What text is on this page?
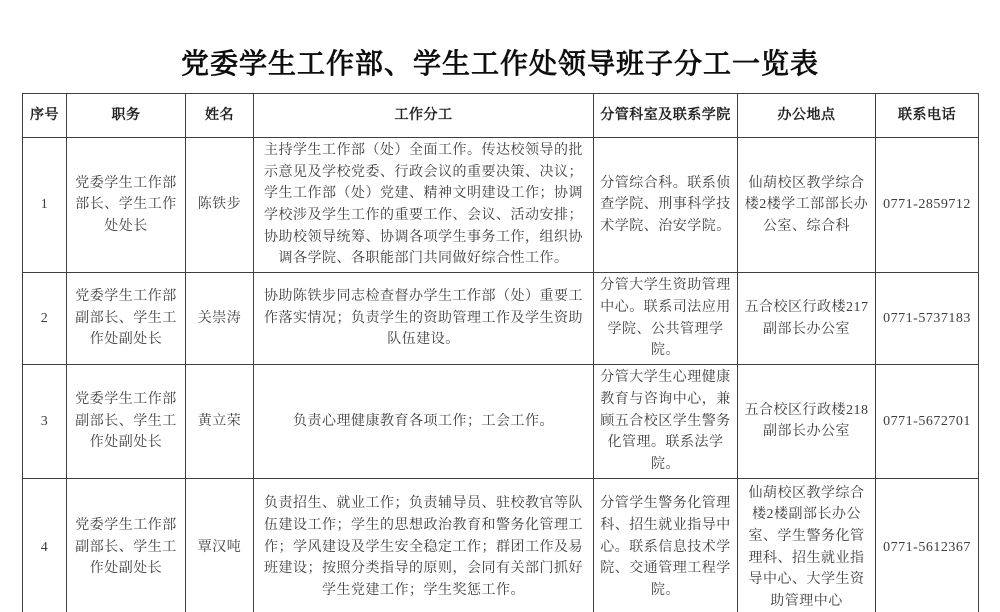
党委学生工作部、学生工作处领导班子分工一览表
序号	职务	姓名	工作分工	分管科室及联系学院	办公地点	联系电话
1	党委学生工作部部长、学生工作处处长	陈铁步	主持学生工作部（处）全面工作。传达校领导的批示意见及学校党委、行政会议的重要决策、决议；学生工作部（处）党建、精神文明建设工作；协调学校涉及学生工作的重要工作、会议、活动安排；协助校领导统筹、协调各项学生事务工作，组织协调各学院、各职能部门共同做好综合性工作。	分管综合科。联系侦查学院、刑事科学技术学院、治安学院。	仙葫校区教学综合楼2楼学工部部长办公室、综合科	0771-2859712
2	党委学生工作部副部长、学生工作处副处长	关崇涛	协助陈铁步同志检查督办学生工作部（处）重要工作落实情况；负责学生的资助管理工作及学生资助队伍建设。	分管大学生资助管理中心。联系司法应用学院、公共管理学院。	五合校区行政楼217副部长办公室	0771-5737183
3	党委学生工作部副部长、学生工作处副处长	黄立荣	负责心理健康教育各项工作；工会工作。	分管大学生心理健康教育与咨询中心，兼顾五合校区学生警务化管理。联系法学院。	五合校区行政楼218副部长办公室	0771-5672701
4	党委学生工作部副部长、学生工作处副处长	覃汉吨	负责招生、就业工作；负责辅导员、驻校教官等队伍建设工作；学生的思想政治教育和警务化管理工作；学风建设及学生安全稳定工作；群团工作及易班建设；按照分类指导的原则，会同有关部门抓好学生党建工作；学生奖惩工作。	分管学生警务化管理科、招生就业指导中心。联系信息技术学院、交通管理工程学院。	仙葫校区教学综合楼2楼副部长办公室、学生警务化管理科、招生就业指导中心、大学生资助管理中心	0771-5612367
